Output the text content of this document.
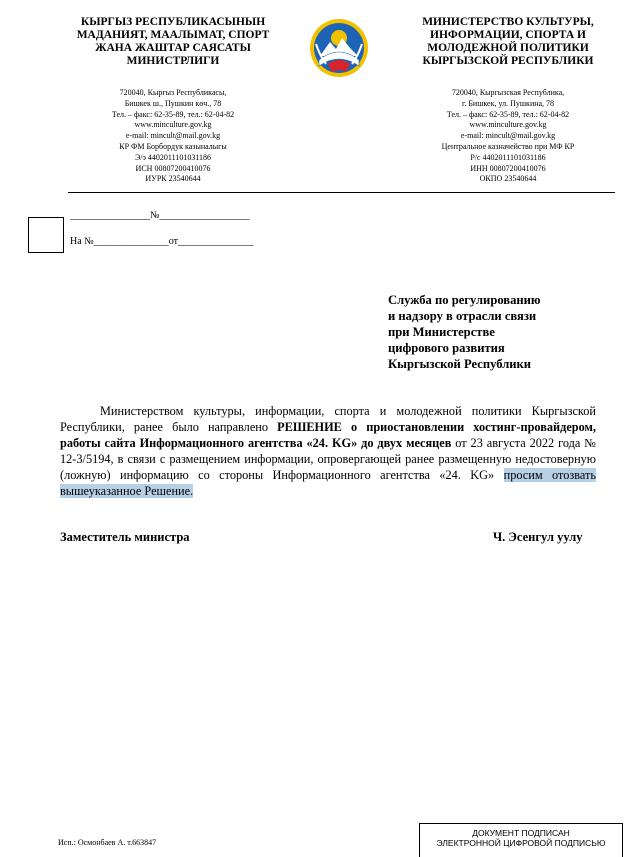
КЫРГЫЗ РЕСПУБЛИКАСЫНЫН
МАДАНИЯТ, МААЛЫМАТ, СПОРТ
ЖАНА ЖАШТАР САЯСАТЫ
МИНИСТРЛИГИ
МИНИСТЕРСТВО КУЛЬТУРЫ,
ИНФОРМАЦИИ, СПОРТА И
МОЛОДЕЖНОЙ ПОЛИТИКИ
КЫРГЫЗСКОЙ РЕСПУБЛИКИ
720040, Кыргыз Республикасы,
Бишкек ш., Пушкин көч., 78
Тел. – факс: 62-35-89, тел.: 62-04-82
www.minculture.gov.kg
e-mail: mincult@mail.gov.kg
КР ФМ Борбордук казыналыгы
Э/э 4402011101031186
ИСН 00807200410076
ИУРК 23540644
720040, Кыргызская Республика,
г. Бишкек, ул. Пушкина, 78
Тел. – факс: 62-35-89, тел.: 62-04-82
www.minculture.gov.kg
e-mail: mincult@mail.gov.kg
Центральное казначейство при МФ КР
Р/с 4402011101031186
ИНН 00807200410076
ОКПО 23540644
________________№__________________
На №_______________от_______________
Служба по регулированию
и надзору в отрасли связи
при Министерстве
цифрового развития
Кыргызской Республики
Министерством культуры, информации, спорта и молодежной политики Кыргызской Республики, ранее было направлено РЕШЕНИЕ о приостановлении хостинг-провайдером, работы сайта Информационного агентства «24. KG» до двух месяцев от 23 августа 2022 года № 12-3/5194, в связи с размещением информации, опровергающей ранее размещенную недостоверную (ложную) информацию со стороны Информационного агентства «24. KG» просим отозвать вышеуказанное Решение.
Заместитель министра	Ч. Эсенгул уулу
Исп.: Осмонбаев А. т.663847
ДОКУМЕНТ ПОДПИСАН
ЭЛЕКТРОННОЙ ЦИФРОВОЙ ПОДПИСЬЮ
